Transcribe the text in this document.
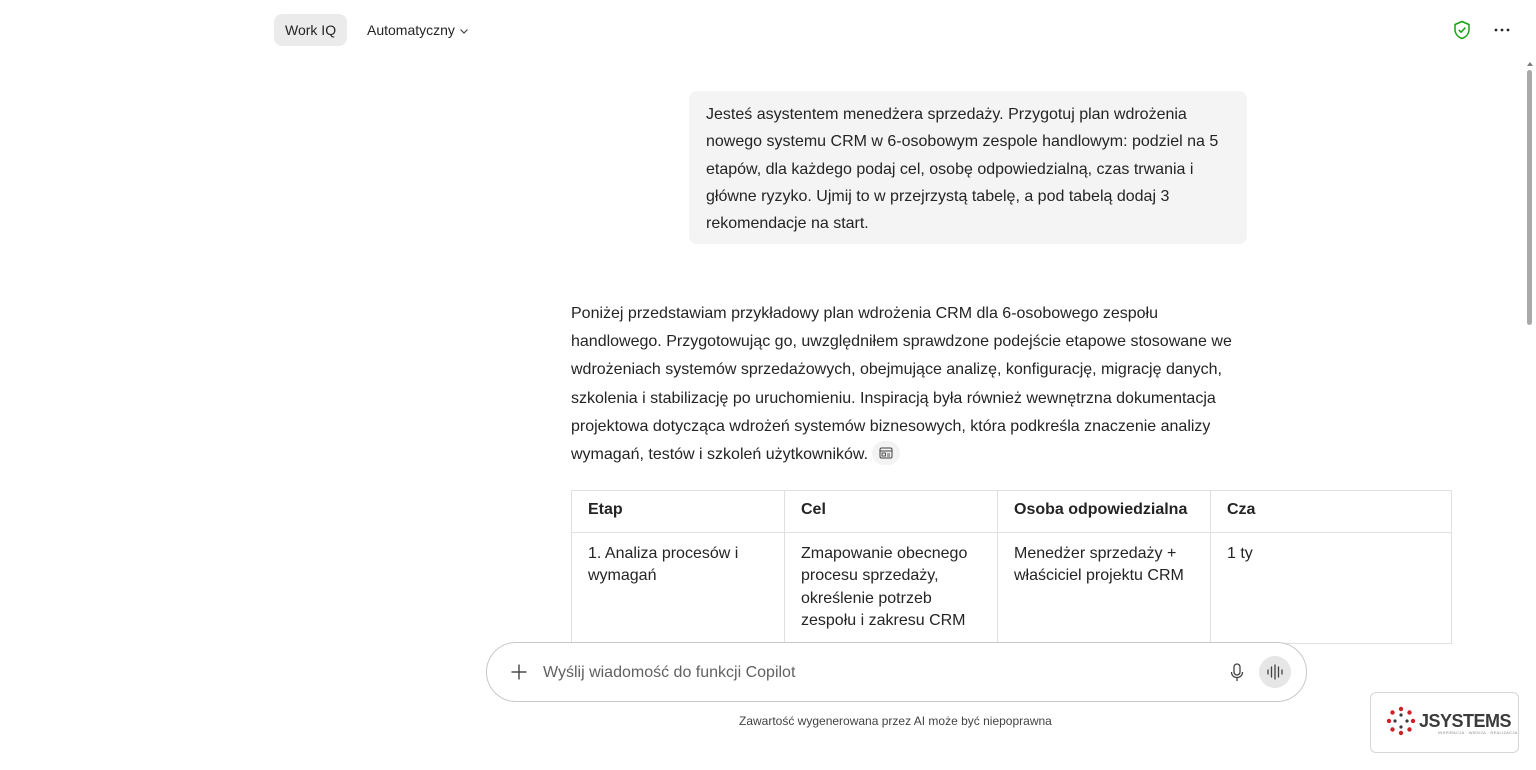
Work IQ	Automatyczny
Jesteś asystentem menedżera sprzedaży. Przygotuj plan wdrożenia
nowego systemu CRM w 6-osobowym zespole handlowym: podziel na 5
etapów, dla każdego podaj cel, osobę odpowiedzialną, czas trwania i
główne ryzyko. Ujmij to w przejrzystą tabelę, a pod tabelą dodaj 3
rekomendacje na start.
Poniżej przedstawiam przykładowy plan wdrożenia CRM dla 6-osobowego zespołu
handlowego. Przygotowując go, uwzględniłem sprawdzone podejście etapowe stosowane we
wdrożeniach systemów sprzedażowych, obejmujące analizę, konfigurację, migrację danych,
szkolenia i stabilizację po uruchomieniu. Inspiracją była również wewnętrzna dokumentacja
projektowa dotycząca wdrożeń systemów biznesowych, która podkreśla znaczenie analizy
wymagań, testów i szkoleń użytkowników.
Etap	Cel	Osoba odpowiedzialna	Cza
1. Analiza procesów i wymagań	Zmapowanie obecnego procesu sprzedaży, określenie potrzeb zespołu i zakresu CRM	Menedżer sprzedaży + właściciel projektu CRM	1 ty
Wyślij wiadomość do funkcji Copilot
Zawartość wygenerowana przez AI może być niepoprawna	JSYSTEMS
INSPIRACJA · WIEDZA · REALIZACJA
